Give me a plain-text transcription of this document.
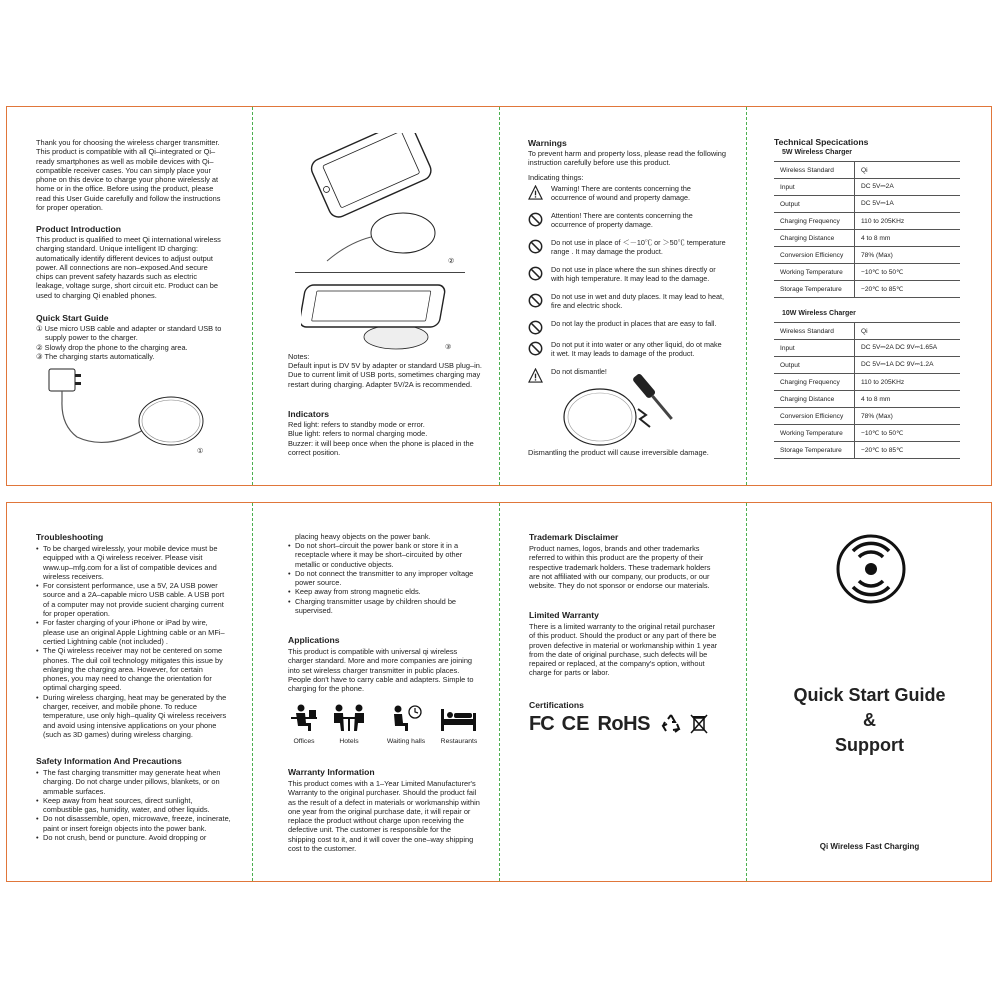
Thank you for choosing the wireless charger transmitter. This product is compatible with all Qi–integrated or Qi–ready smartphones as well as mobile devices with Qi–compatible receiver cases. You can simply place your phone on this device to charge your phone wirelessly at home or in the office. Before using the product, please read this User Guide carefully and follow the instructions for proper operation.

Product Introduction

This product is qualified to meet Qi international wireless charging standard. Unique intelligent ID charging: automatically identify different devices to adjust output power. All connections are non–exposed.And secure chips can prevent safety hazards such as electric leakage, voltage surge, short circuit etc. Product can be used to charging Qi enabled phones.

Quick Start Guide

① Use micro USB cable and adapter or standard USB to

supply power to the charger.

② Slowly drop the phone to the charging area.

③ The charging starts automatically.

①
②
③

Notes:

Default input is DV 5V by adapter or standard USB plug–in. Due to current limit of USB ports, sometimes charging may restart during charging. Adapter 5V/2A is recommended.

Indicators

Red light: refers to standby mode or error.

Blue light: refers to normal charging mode.

Buzzer: it will beep once when the phone is placed in the correct position.

Warnings

To prevent harm and property loss, please read the following instruction carefully before use this product.

Indicating things:

Warning! There are contents concerning the occurrence of wound and property damage.
Attention! There are contents concerning the occurrence of property damage.
Do not use in place of ＜－10℃ or ＞50℃ temperature range . It may damage the product.
Do not use in place where the sun shines directly or with high temperature. It may lead to the damage.
Do not use in wet and duty places. It may lead to heat, fire and electric shock.
Do not lay the product in places that are easy to fall.
Do not put it into water or any other liquid, do ot make it wet. It may leads to damage of the product.
Do not dismantle!

Dismantling the product will cause irreversible damage.

Technical Specications

5W Wireless Charger

Wireless Standard	Qi
Input	DC 5V⎓2A
Output	DC 5V⎓1A
Charging Frequency	110 to 205KHz
Charging Distance	4 to 8 mm
Conversion Efficiency	78% (Max)
Working Temperature	−10℃ to 50℃
Storage Temperature	−20℃ to 85℃

10W Wireless Charger

Wireless Standard	Qi
Input	DC 5V⎓2A DC 9V⎓1.65A
Output	DC 5V⎓1A DC 9V⎓1.2A
Charging Frequency	110 to 205KHz
Charging Distance	4 to 8 mm
Conversion Efficiency	78% (Max)
Working Temperature	−10℃ to 50℃
Storage Temperature	−20℃ to 85℃

Troubleshooting

• To be charged wirelessly, your mobile device must be equipped with a Qi wireless receiver. Please visit www.up–mfg.com for a list of compatible devices and wireless receivers.
• For consistent performance, use a 5V, 2A USB power source and a 2A–capable micro USB cable. A USB port of a computer may not provide sucient charging current for proper operation.
• For faster charging of your iPhone or iPad by wire, please use an original Apple Lightning cable or an MFi–certied Lightning cable (not included) .
• The Qi wireless receiver may not be centered on some phones. The duil coil technology mitigates this issue by enlarging the charging area. However, for certain phones, you may need to change the orientation for optimal charging speed.
• During wireless charging, heat may be generated by the charger, receiver, and mobile phone. To reduce temperature, use only high–quality Qi wireless receivers and avoid using intensive applications on your phone (such as 3D games) during wireless charging.

Safety Information And Precautions

• The fast charging transmitter may generate heat when charging. Do not charge under pillows, blankets, or on ammable surfaces.
• Keep away from heat sources, direct sunlight, combustible gas, humidity, water, and other liquids.
• Do not disassemble, open, microwave, freeze, incinerate, paint or insert foreign objects into the power bank.
• Do not crush, bend or puncture. Avoid dropping or

placing heavy objects on the power bank.

• Do not short–circuit the power bank or store it in a receptacle where it may be short–circuited by other metallic or conductive objects.
• Do not connect the transmitter to any improper voltage power source.
• Keep away from strong magnetic elds.
• Charging transmitter usage by children should be supervised.

Applications

This product is compatible with universal qi wireless charger standard. More and more companies are joining into set wireless charger transmitter in public places. People don't have to carry cable and adapters. Simple to charging for the phone.

Offices	Hotels	Waiting halls	Restaurants

Warranty Information

This product comes with a 1–Year Limited Manufacturer's Warranty to the original purchaser. Should the product fail as the result of a defect in materials or workmanship within one year from the original purchase date, it will repair or replace the product without charge upon receiving the defective unit. The customer is responsible for the shipping cost to it, and it will cover the one–way shipping cost to the customer.

Trademark Disclaimer

Product names, logos, brands and other trademarks referred to within this product are the property of their respective trademark holders. These trademark holders are not affiliated with our company, our products, or our website. They do not sponsor or endorse our materials.

Limited Warranty

There is a limited warranty to the original retail purchaser of this product. Should the product or any part of there be proven defective in material or workmanship within 1 year from the date of original purchase, such defects will be repaired or replaced, at the company's option, without charge for parts or labor.

Certifications

FC CE RoHS
Quick Start Guide
&
Support
Qi Wireless Fast Charging
